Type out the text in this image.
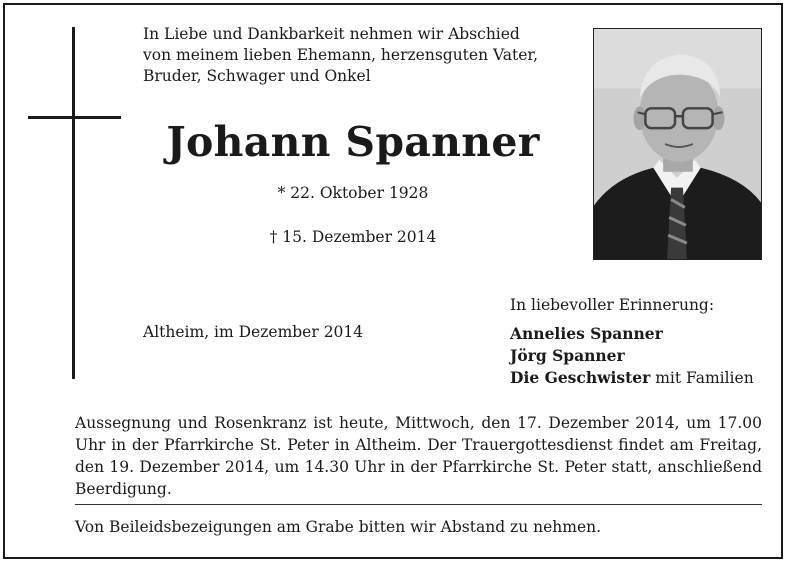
In Liebe und Dankbarkeit nehmen wir Abschied
von meinem lieben Ehemann, herzensguten Vater,
Bruder, Schwager und Onkel
Johann Spanner
* 22. Oktober 1928
† 15. Dezember 2014
In liebevoller Erinnerung:
Altheim, im Dezember 2014	Annelies Spanner
Jörg Spanner
Die Geschwister mit Familien
Aussegnung und Rosenkranz ist heute, Mittwoch, den 17. Dezember 2014, um 17.00 Uhr in der Pfarrkirche St. Peter in Altheim. Der Trauergottesdienst findet am Freitag, den 19. Dezember 2014, um 14.30 Uhr in der Pfarrkirche St. Peter statt, anschließend Beerdigung.
Von Beileidsbezeigungen am Grabe bitten wir Abstand zu nehmen.
